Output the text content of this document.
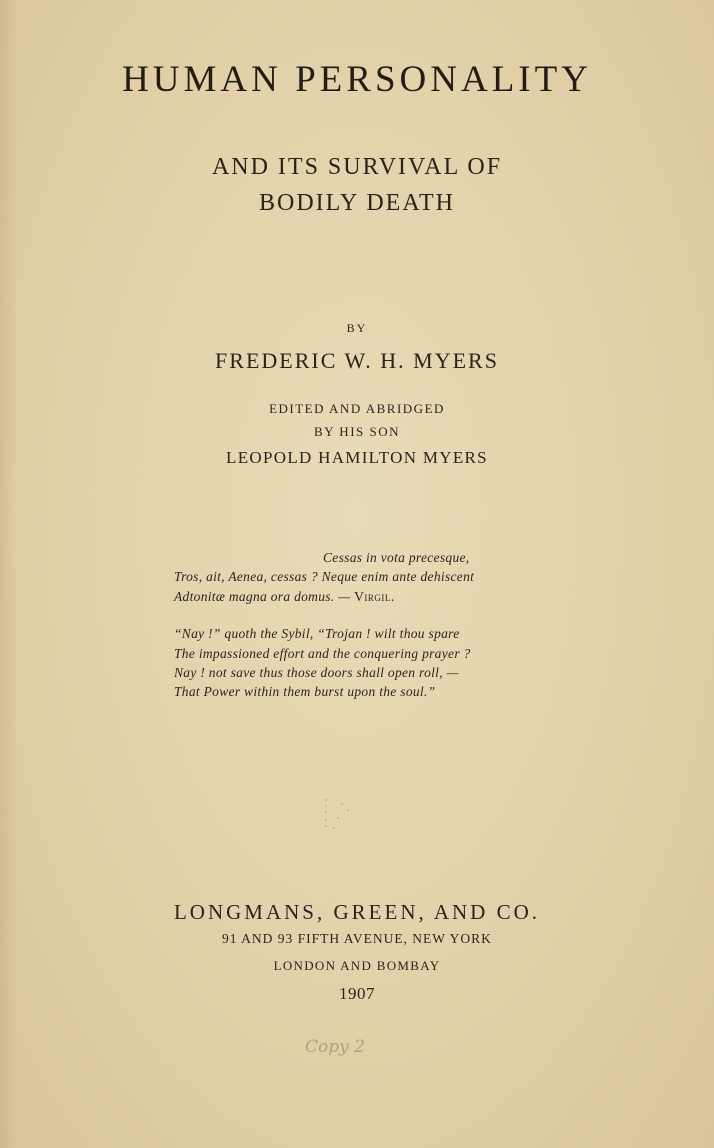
HUMAN PERSONALITY
AND ITS SURVIVAL OF
BODILY DEATH
BY
FREDERIC W. H. MYERS
EDITED AND ABRIDGED
BY HIS SON
LEOPOLD HAMILTON MYERS
Cessas in vota precesque,
Tros, ait, Aenea, cessas ? Neque enim ante dehiscent
Adtonitæ magna ora domus. — Virgil.
“Nay !” quoth the Sybil, “Trojan ! wilt thou spare
The impassioned effort and the conquering prayer ?
Nay ! not save thus those doors shall open roll, —
That Power within them burst upon the soul.”
LONGMANS, GREEN, AND CO.
91 AND 93 FIFTH AVENUE, NEW YORK
LONDON AND BOMBAY
1907
Copy 2
